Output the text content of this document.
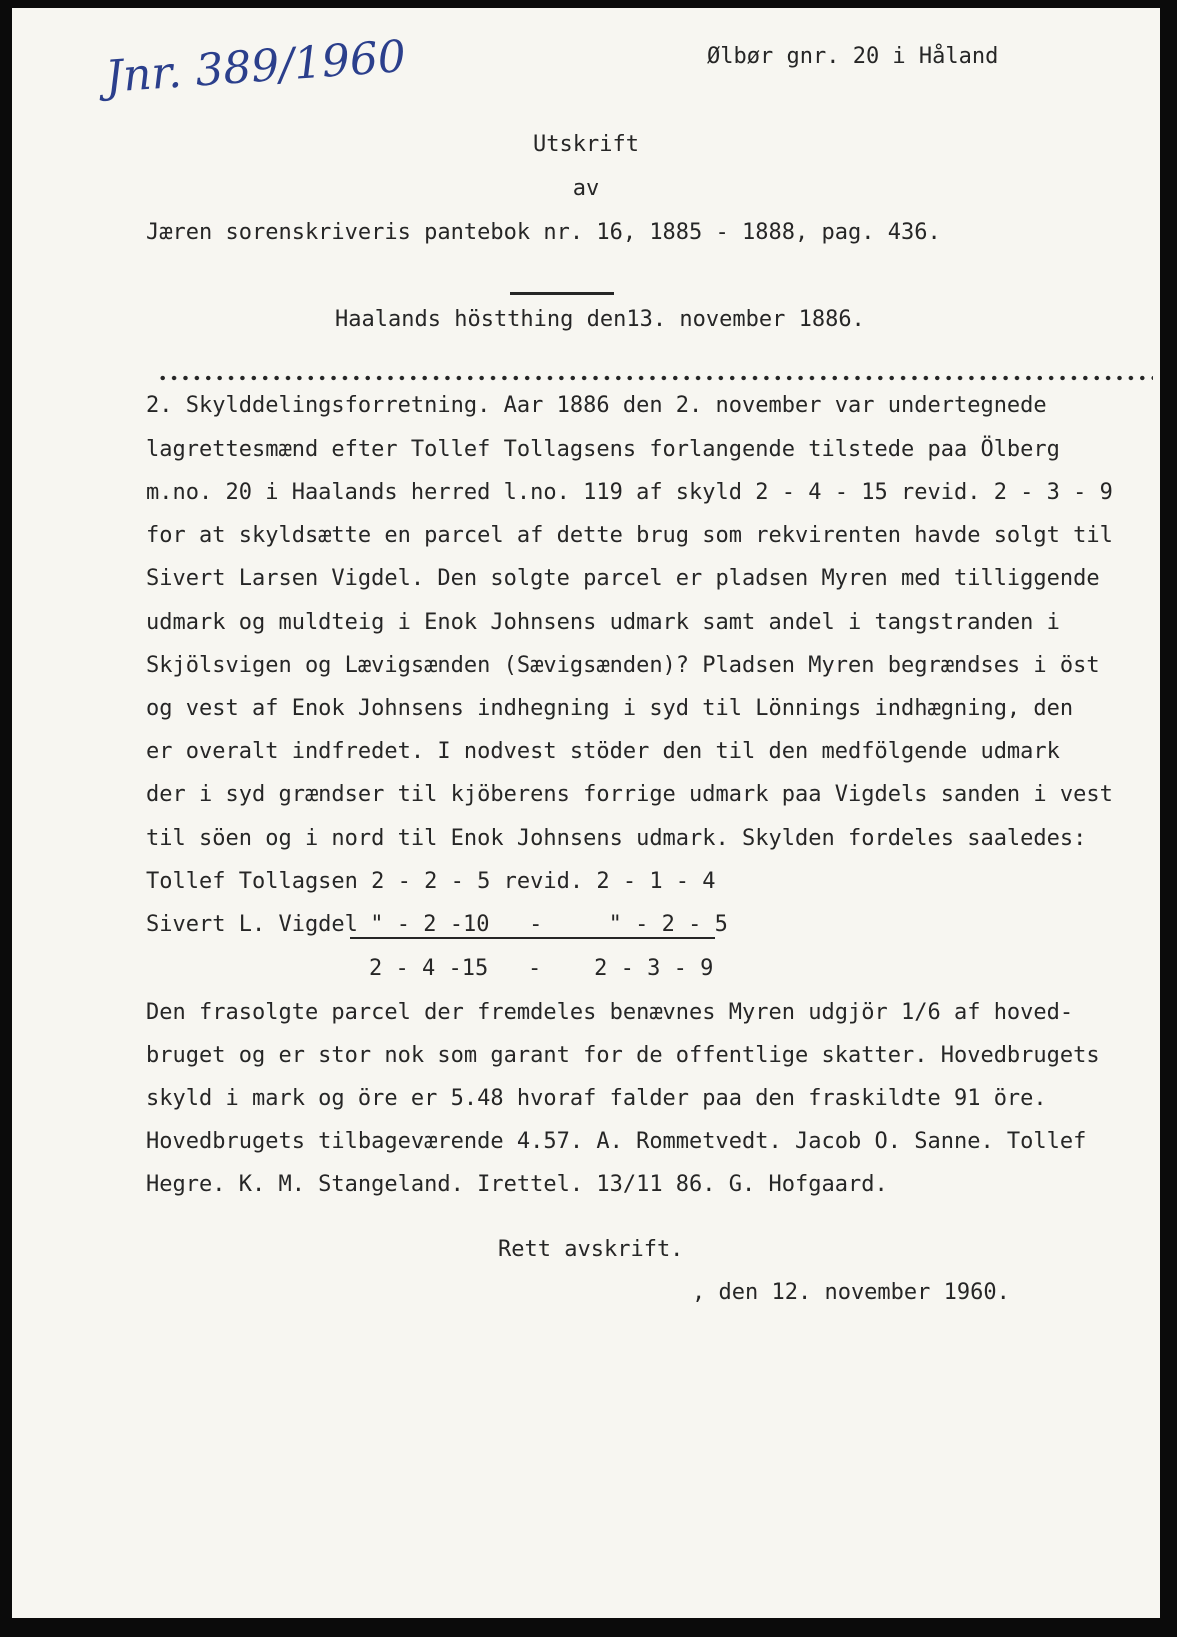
Jnr. 389/1960	Ølbør gnr. 20 i Håland
Utskrift
av
Jæren sorenskriveris pantebok nr. 16, 1885 - 1888, pag. 436.
Haalands höstthing den13. november 1886.
2. Skylddelingsforretning. Aar 1886 den 2. november var undertegnede
lagrettesmænd efter Tollef Tollagsens forlangende tilstede paa Ölberg
m.no. 20 i Haalands herred l.no. 119 af skyld 2 - 4 - 15 revid. 2 - 3 - 9
for at skyldsætte en parcel af dette brug som rekvirenten havde solgt til
Sivert Larsen Vigdel. Den solgte parcel er pladsen Myren med tilliggende
udmark og muldteig i Enok Johnsens udmark samt andel i tangstranden i
Skjölsvigen og Lævigsænden (Sævigsænden)? Pladsen Myren begrændses i öst
og vest af Enok Johnsens indhegning i syd til Lönnings indhægning, den
er overalt indfredet. I nodvest stöder den til den medfölgende udmark
der i syd grændser til kjöberens forrige udmark paa Vigdels sanden i vest
til söen og i nord til Enok Johnsens udmark. Skylden fordeles saaledes:
Tollef Tollagsen 2 - 2 - 5 revid. 2 - 1 - 4
Sivert L. Vigdel " - 2 -10   -     " - 2 - 5
2 - 4 -15   -    2 - 3 - 9
Den frasolgte parcel der fremdeles benævnes Myren udgjör 1/6 af hoved-
bruget og er stor nok som garant for de offentlige skatter. Hovedbrugets
skyld i mark og öre er 5.48 hvoraf falder paa den fraskildte 91 öre.
Hovedbrugets tilbageværende 4.57. A. Rommetvedt. Jacob O. Sanne. Tollef
Hegre. K. M. Stangeland. Irettel. 13/11 86. G. Hofgaard.
Rett avskrift.
, den 12. november 1960.
